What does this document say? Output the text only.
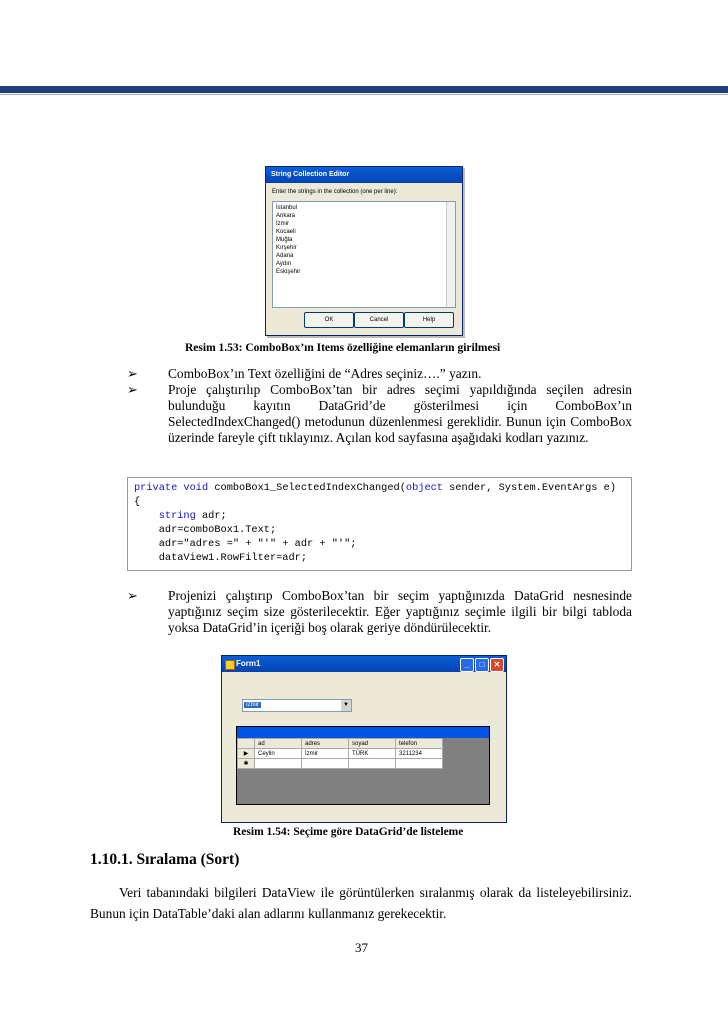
String Collection Editor
Enter the strings in the collection (one per line):
İstanbul
Ankara
İzmir
Kocaeli
Muğla
Kırşehir
Adana
Aydın
Eskişehir
OK	Cancel	Help
Resim 1.53: ComboBox’ın Items özelliğine elemanların girilmesi
➢ ComboBox’ın Text özelliğini de “Adres seçiniz….” yazın.
➢ Proje çalıştırılıp ComboBox’tan bir adres seçimi yapıldığında seçilen adresin bulunduğu kayıtın DataGrid’de gösterilmesi için ComboBox’ın SelectedIndexChanged() metodunun düzenlenmesi gereklidir. Bunun için ComboBox üzerinde fareyle çift tıklayınız. Açılan kod sayfasına aşağıdaki kodları yazınız.
private void comboBox1_SelectedIndexChanged(object sender, System.EventArgs e)
{
string adr;
adr=comboBox1.Text;
adr="adres =" + "'" + adr + "'";
dataView1.RowFilter=adr;
➢ Projenizi çalıştırıp ComboBox’tan bir seçim yaptığınızda DataGrid nesnesinde yaptığınız seçim size gösterilecektir. Eğer yaptığınız seçimle ilgili bir bilgi tabloda yoksa DataGrid’in içeriği boş olarak geriye döndürülecektir.
Form1	_	□	✕
İzmir	▼
	ad	adres	soyad	telefon
▶	Ceylin	İzmir	TÜRK	3211234
✱				
Resim 1.54: Seçime göre DataGrid’de listeleme
1.10.1. Sıralama (Sort)
Veri tabanındaki bilgileri DataView ile görüntülerken sıralanmış olarak da listeleyebilirsiniz. Bunun için DataTable’daki alan adlarını kullanmanız gerekecektir.
37
